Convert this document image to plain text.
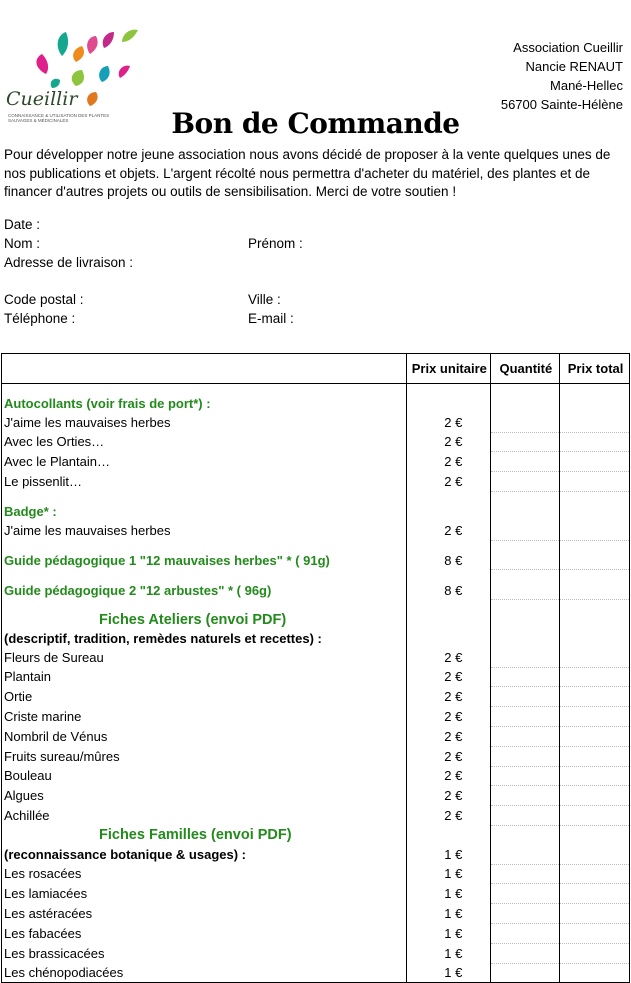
Cueillir
CONNAISSANCE & UTILISATION DES PLANTES SAUVAGES & MÉDICINALES
Association Cueillir
Nancie RENAUT
Mané-Hellec
56700 Sainte-Hélène
Bon de Commande
Pour développer notre jeune association nous avons décidé de proposer à la vente quelques unes de nos publications et objets. L'argent récolté nous permettra d'acheter du matériel, des plantes et de financer d'autres projets ou outils de sensibilisation. Merci de votre soutien !
Date :
Nom :	Prénom :
Adresse de livraison :
Code postal :	Ville :
Téléphone :	E-mail :
	Prix unitaire	Quantité	Prix total

Autocollants (voir frais de port*) :			
J'aime les mauvaises herbes	2 €		
Avec les Orties…	2 €		
Avec le Plantain…	2 €		
Le pissenlit…	2 €		

Badge* :			
J'aime les mauvaises herbes	2 €		

Guide pédagogique 1 "12 mauvaises herbes" * ( 91g)	8 €		

Guide pédagogique 2 "12 arbustes" * ( 96g)	8 €		

Fiches Ateliers (envoi PDF)			
(descriptif, tradition, remèdes naturels et recettes) :			
Fleurs de Sureau	2 €		
Plantain	2 €		
Ortie	2 €		
Criste marine	2 €		
Nombril de Vénus	2 €		
Fruits sureau/mûres	2 €		
Bouleau	2 €		
Algues	2 €		
Achillée	2 €		
Fiches Familles (envoi PDF)			
(reconnaissance botanique & usages) :	1 €		
Les rosacées	1 €		
Les lamiacées	1 €		
Les astéracées	1 €		
Les fabacées	1 €		
Les brassicacées	1 €		
Les chénopodiacées	1 €		
